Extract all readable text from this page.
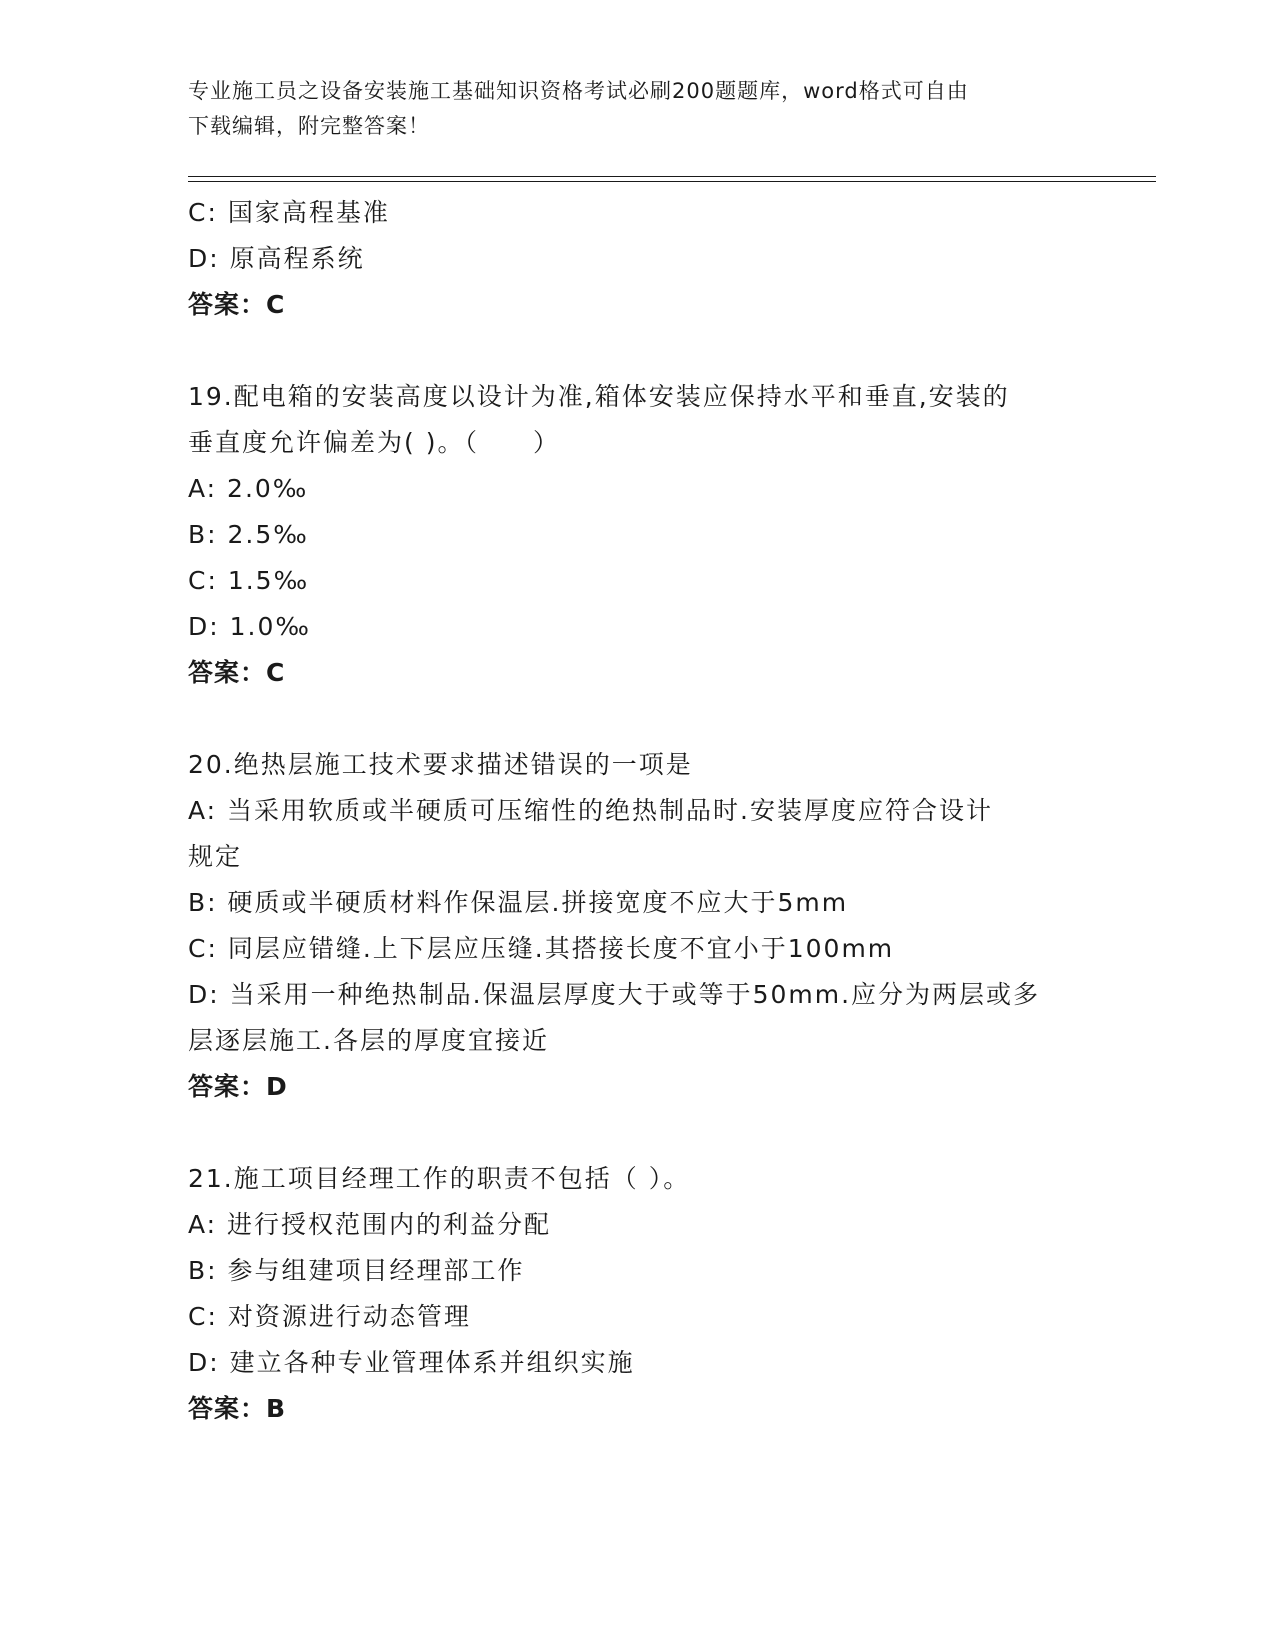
专业施工员之设备安装施工基础知识资格考试必刷200题题库，word格式可自由
下载编辑，附完整答案！
C: 国家高程基准
D: 原高程系统
答案：C
19.配电箱的安装高度以设计为准,箱体安装应保持水平和垂直,安装的
垂直度允许偏差为( )。（　　）
A: 2.0‰
B: 2.5‰
C: 1.5‰
D: 1.0‰
答案：C
20.绝热层施工技术要求描述错误的一项是
A: 当采用软质或半硬质可压缩性的绝热制品时.安装厚度应符合设计
规定
B: 硬质或半硬质材料作保温层.拼接宽度不应大于5mm
C: 同层应错缝.上下层应压缝.其搭接长度不宜小于100mm
D: 当采用一种绝热制品.保温层厚度大于或等于50mm.应分为两层或多
层逐层施工.各层的厚度宜接近
答案：D
21.施工项目经理工作的职责不包括（ ）。
A: 进行授权范围内的利益分配
B: 参与组建项目经理部工作
C: 对资源进行动态管理
D: 建立各种专业管理体系并组织实施
答案：B
